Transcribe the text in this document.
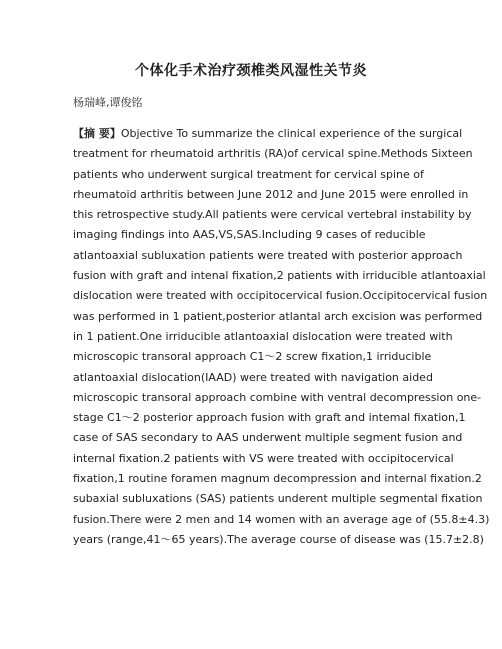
个体化手术治疗颈椎类风湿性关节炎
杨瑞峰,谭俊铭
【摘 要】Objective To summarize the clinical experience of the surgical
treatment for rheumatoid arthritis (RA)of cervical spine.Methods Sixteen
patients who underwent surgical treatment for cervical spine of
rheumatoid arthritis between June 2012 and June 2015 were enrolled in
this retrospective study.All patients were cervical vertebral instability by
imaging findings into AAS,VS,SAS.Including 9 cases of reducible
atlantoaxial subluxation patients were treated with posterior approach
fusion with graft and intenal fixation,2 patients with irriducible atlantoaxial
dislocation were treated with occipitocervical fusion.Occipitocervical fusion
was performed in 1 patient,posterior atlantal arch excision was performed
in 1 patient.One irriducible atlantoaxial dislocation were treated with
microscopic transoral approach C1～2 screw fixation,1 irriducible
atlantoaxial dislocation(IAAD) were treated with navigation aided
microscopic transoral approach combine with ventral decompression one-
stage C1～2 posterior approach fusion with graft and intemal fixation,1
case of SAS secondary to AAS underwent multiple segment fusion and
internal fixation.2 patients with VS were treated with occipitocervical
fixation,1 routine foramen magnum decompression and internal fixation.2
subaxial subluxations (SAS) patients underent multiple segmental fixation
fusion.There were 2 men and 14 women with an average age of (55.8±4.3)
years (range,41～65 years).The average course of disease was (15.7±2.8)
